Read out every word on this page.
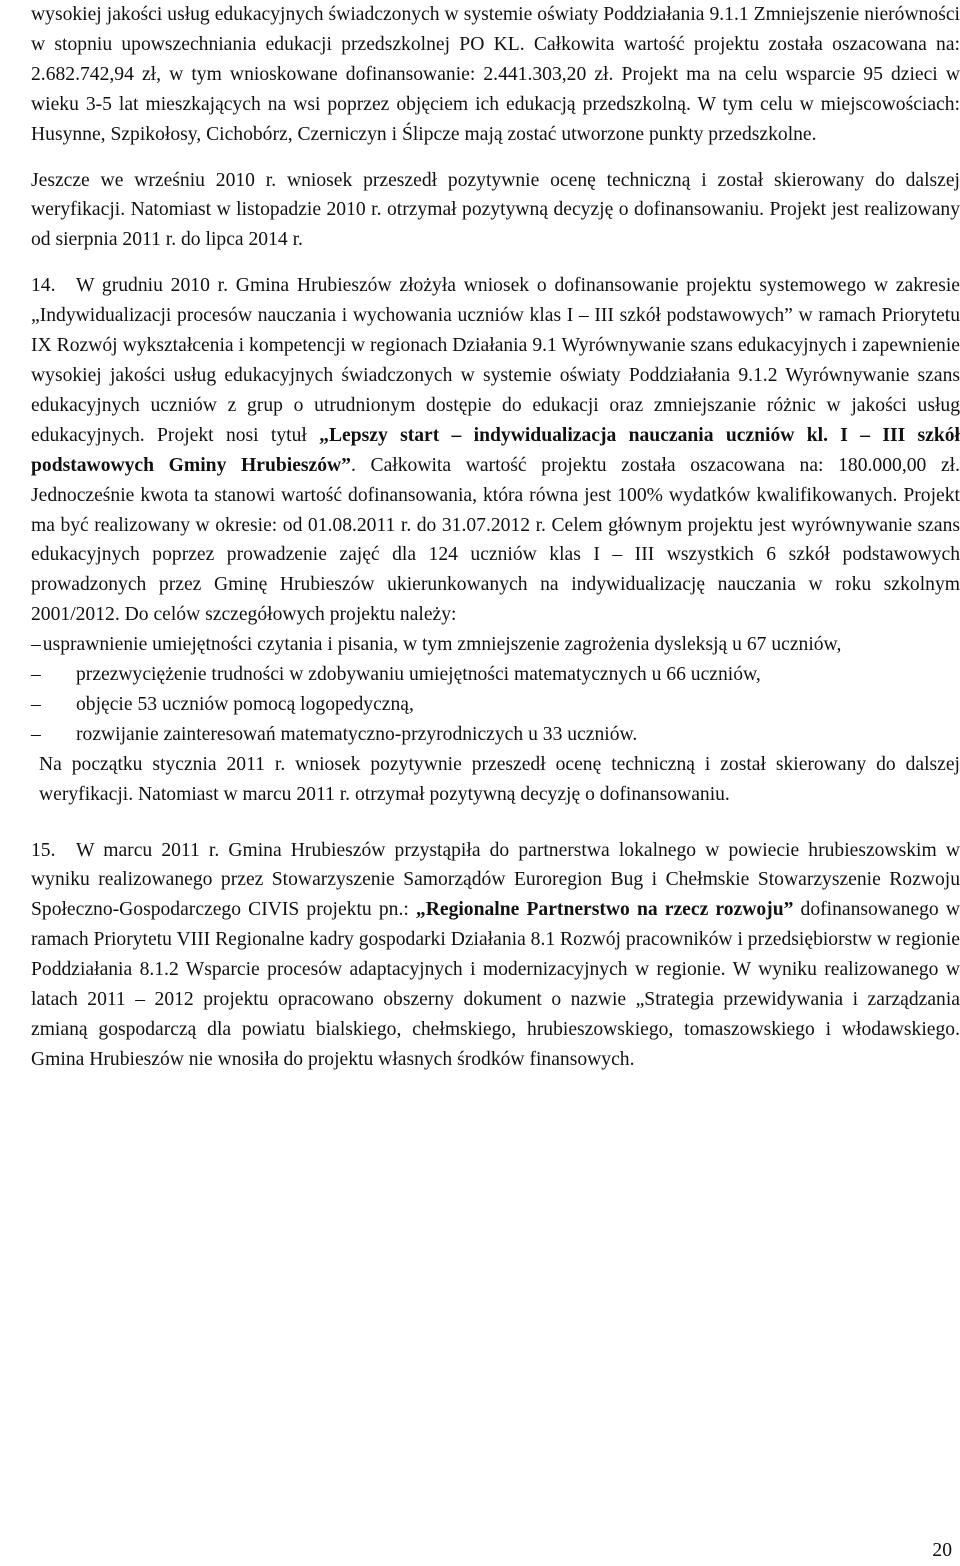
wysokiej jakości usług edukacyjnych świadczonych w systemie oświaty Poddziałania 9.1.1 Zmniejszenie nierówności w stopniu upowszechniania edukacji przedszkolnej PO KL. Całkowita wartość projektu została oszacowana na: 2.682.742,94 zł, w tym wnioskowane dofinansowanie: 2.441.303,20 zł. Projekt ma na celu wsparcie 95 dzieci w wieku 3-5 lat mieszkających na wsi poprzez objęciem ich edukacją przedszkolną. W tym celu w miejscowościach: Husynne, Szpikołosy, Cichobórz, Czerniczyn i Ślipcze mają zostać utworzone punkty przedszkolne.

Jeszcze we wrześniu 2010 r. wniosek przeszedł pozytywnie ocenę techniczną i został skierowany do dalszej weryfikacji. Natomiast w listopadzie 2010 r. otrzymał pozytywną decyzję o dofinansowaniu. Projekt jest realizowany od sierpnia 2011 r. do lipca 2014 r.

14. W grudniu 2010 r. Gmina Hrubieszów złożyła wniosek o dofinansowanie projektu systemowego w zakresie „Indywidualizacji procesów nauczania i wychowania uczniów klas I – III szkół podstawowych” w ramach Priorytetu IX Rozwój wykształcenia i kompetencji w regionach Działania 9.1 Wyrównywanie szans edukacyjnych i zapewnienie wysokiej jakości usług edukacyjnych świadczonych w systemie oświaty Poddziałania 9.1.2 Wyrównywanie szans edukacyjnych uczniów z grup o utrudnionym dostępie do edukacji oraz zmniejszanie różnic w jakości usług edukacyjnych. Projekt nosi tytuł „Lepszy start – indywidualizacja nauczania uczniów kl. I – III szkół podstawowych Gminy Hrubieszów”. Całkowita wartość projektu została oszacowana na: 180.000,00 zł. Jednocześnie kwota ta stanowi wartość dofinansowania, która równa jest 100% wydatków kwalifikowanych. Projekt ma być realizowany w okresie: od 01.08.2011 r. do 31.07.2012 r. Celem głównym projektu jest wyrównywanie szans edukacyjnych poprzez prowadzenie zajęć dla 124 uczniów klas I – III wszystkich 6 szkół podstawowych prowadzonych przez Gminę Hrubieszów ukierunkowanych na indywidualizację nauczania w roku szkolnym 2001/2012. Do celów szczegółowych projektu należy:

– usprawnienie umiejętności czytania i pisania, w tym zmniejszenie zagrożenia dysleksją u 67 uczniów,
– przezwyciężenie trudności w zdobywaniu umiejętności matematycznych u 66 uczniów,
– objęcie 53 uczniów pomocą logopedyczną,
– rozwijanie zainteresowań matematyczno-przyrodniczych u 33 uczniów.

Na początku stycznia 2011 r. wniosek pozytywnie przeszedł ocenę techniczną i został skierowany do dalszej weryfikacji. Natomiast w marcu 2011 r. otrzymał pozytywną decyzję o dofinansowaniu.

15. W marcu 2011 r. Gmina Hrubieszów przystąpiła do partnerstwa lokalnego w powiecie hrubieszowskim w wyniku realizowanego przez Stowarzyszenie Samorządów Euroregion Bug i Chełmskie Stowarzyszenie Rozwoju Społeczno-Gospodarczego CIVIS projektu pn.: „Regionalne Partnerstwo na rzecz rozwoju” dofinansowanego w ramach Priorytetu VIII Regionalne kadry gospodarki Działania 8.1 Rozwój pracowników i przedsiębiorstw w regionie Poddziałania 8.1.2 Wsparcie procesów adaptacyjnych i modernizacyjnych w regionie. W wyniku realizowanego w latach 2011 – 2012 projektu opracowano obszerny dokument o nazwie „Strategia przewidywania i zarządzania zmianą gospodarczą dla powiatu bialskiego, chełmskiego, hrubieszowskiego, tomaszowskiego i włodawskiego. Gmina Hrubieszów nie wnosiła do projektu własnych środków finansowych.

20
